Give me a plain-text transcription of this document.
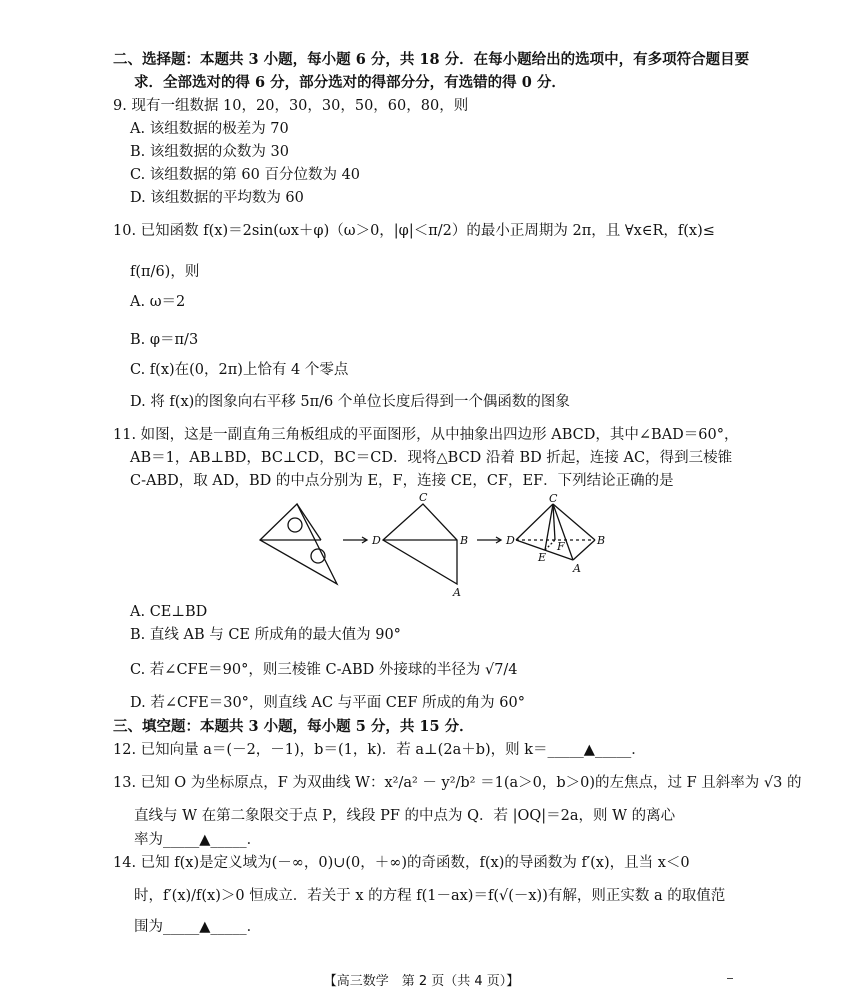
二、选择题：本题共 3 小题，每小题 6 分，共 18 分．在每小题给出的选项中，有多项符合题目要
求．全部选对的得 6 分，部分选对的得部分分，有选错的得 0 分．
9. 现有一组数据 10，20，30，30，50，60，80，则
A. 该组数据的极差为 70
B. 该组数据的众数为 30
C. 该组数据的第 60 百分位数为 40
D. 该组数据的平均数为 60
10. 已知函数 f(x)＝2sin(ωx＋φ)（ω＞0，|φ|＜π/2）的最小正周期为 2π，且 ∀x∈R，f(x)≤
f(π/6)，则
A. ω＝2
B. φ＝π/3
C. f(x)在(0，2π)上恰有 4 个零点
D. 将 f(x)的图象向右平移 5π/6 个单位长度后得到一个偶函数的图象
11. 如图，这是一副直角三角板组成的平面图形，从中抽象出四边形 ABCD，其中∠BAD＝60°，
AB＝1，AB⊥BD，BC⊥CD，BC＝CD．现将△BCD 沿着 BD 折起，连接 AC，得到三棱锥
C-ABD，取 AD，BD 的中点分别为 E，F，连接 CE，CF，EF．下列结论正确的是
D	B
C
A
D	B
C
A
E
F
A. CE⊥BD
B. 直线 AB 与 CE 所成角的最大值为 90°
C. 若∠CFE＝90°，则三棱锥 C-ABD 外接球的半径为 √7/4
D. 若∠CFE＝30°，则直线 AC 与平面 CEF 所成的角为 60°
三、填空题：本题共 3 小题，每小题 5 分，共 15 分．
12. 已知向量 a＝(－2，－1)，b＝(1，k)．若 a⊥(2a＋b)，则 k＝_____▲_____．
13. 已知 O 为坐标原点，F 为双曲线 W：x²/a² － y²/b² ＝1(a＞0，b＞0)的左焦点，过 F 且斜率为 √3 的
直线与 W 在第二象限交于点 P，线段 PF 的中点为 Q．若 |OQ|＝2a，则 W 的离心
率为_____▲_____．
14. 已知 f(x)是定义域为(－∞，0)∪(0，＋∞)的奇函数，f(x)的导函数为 f′(x)，且当 x＜0
时，f′(x)/f(x)＞0 恒成立．若关于 x 的方程 f(1－ax)＝f(√(－x))有解，则正实数 a 的取值范
围为_____▲_____．
【高三数学　第 2 页（共 4 页）】
